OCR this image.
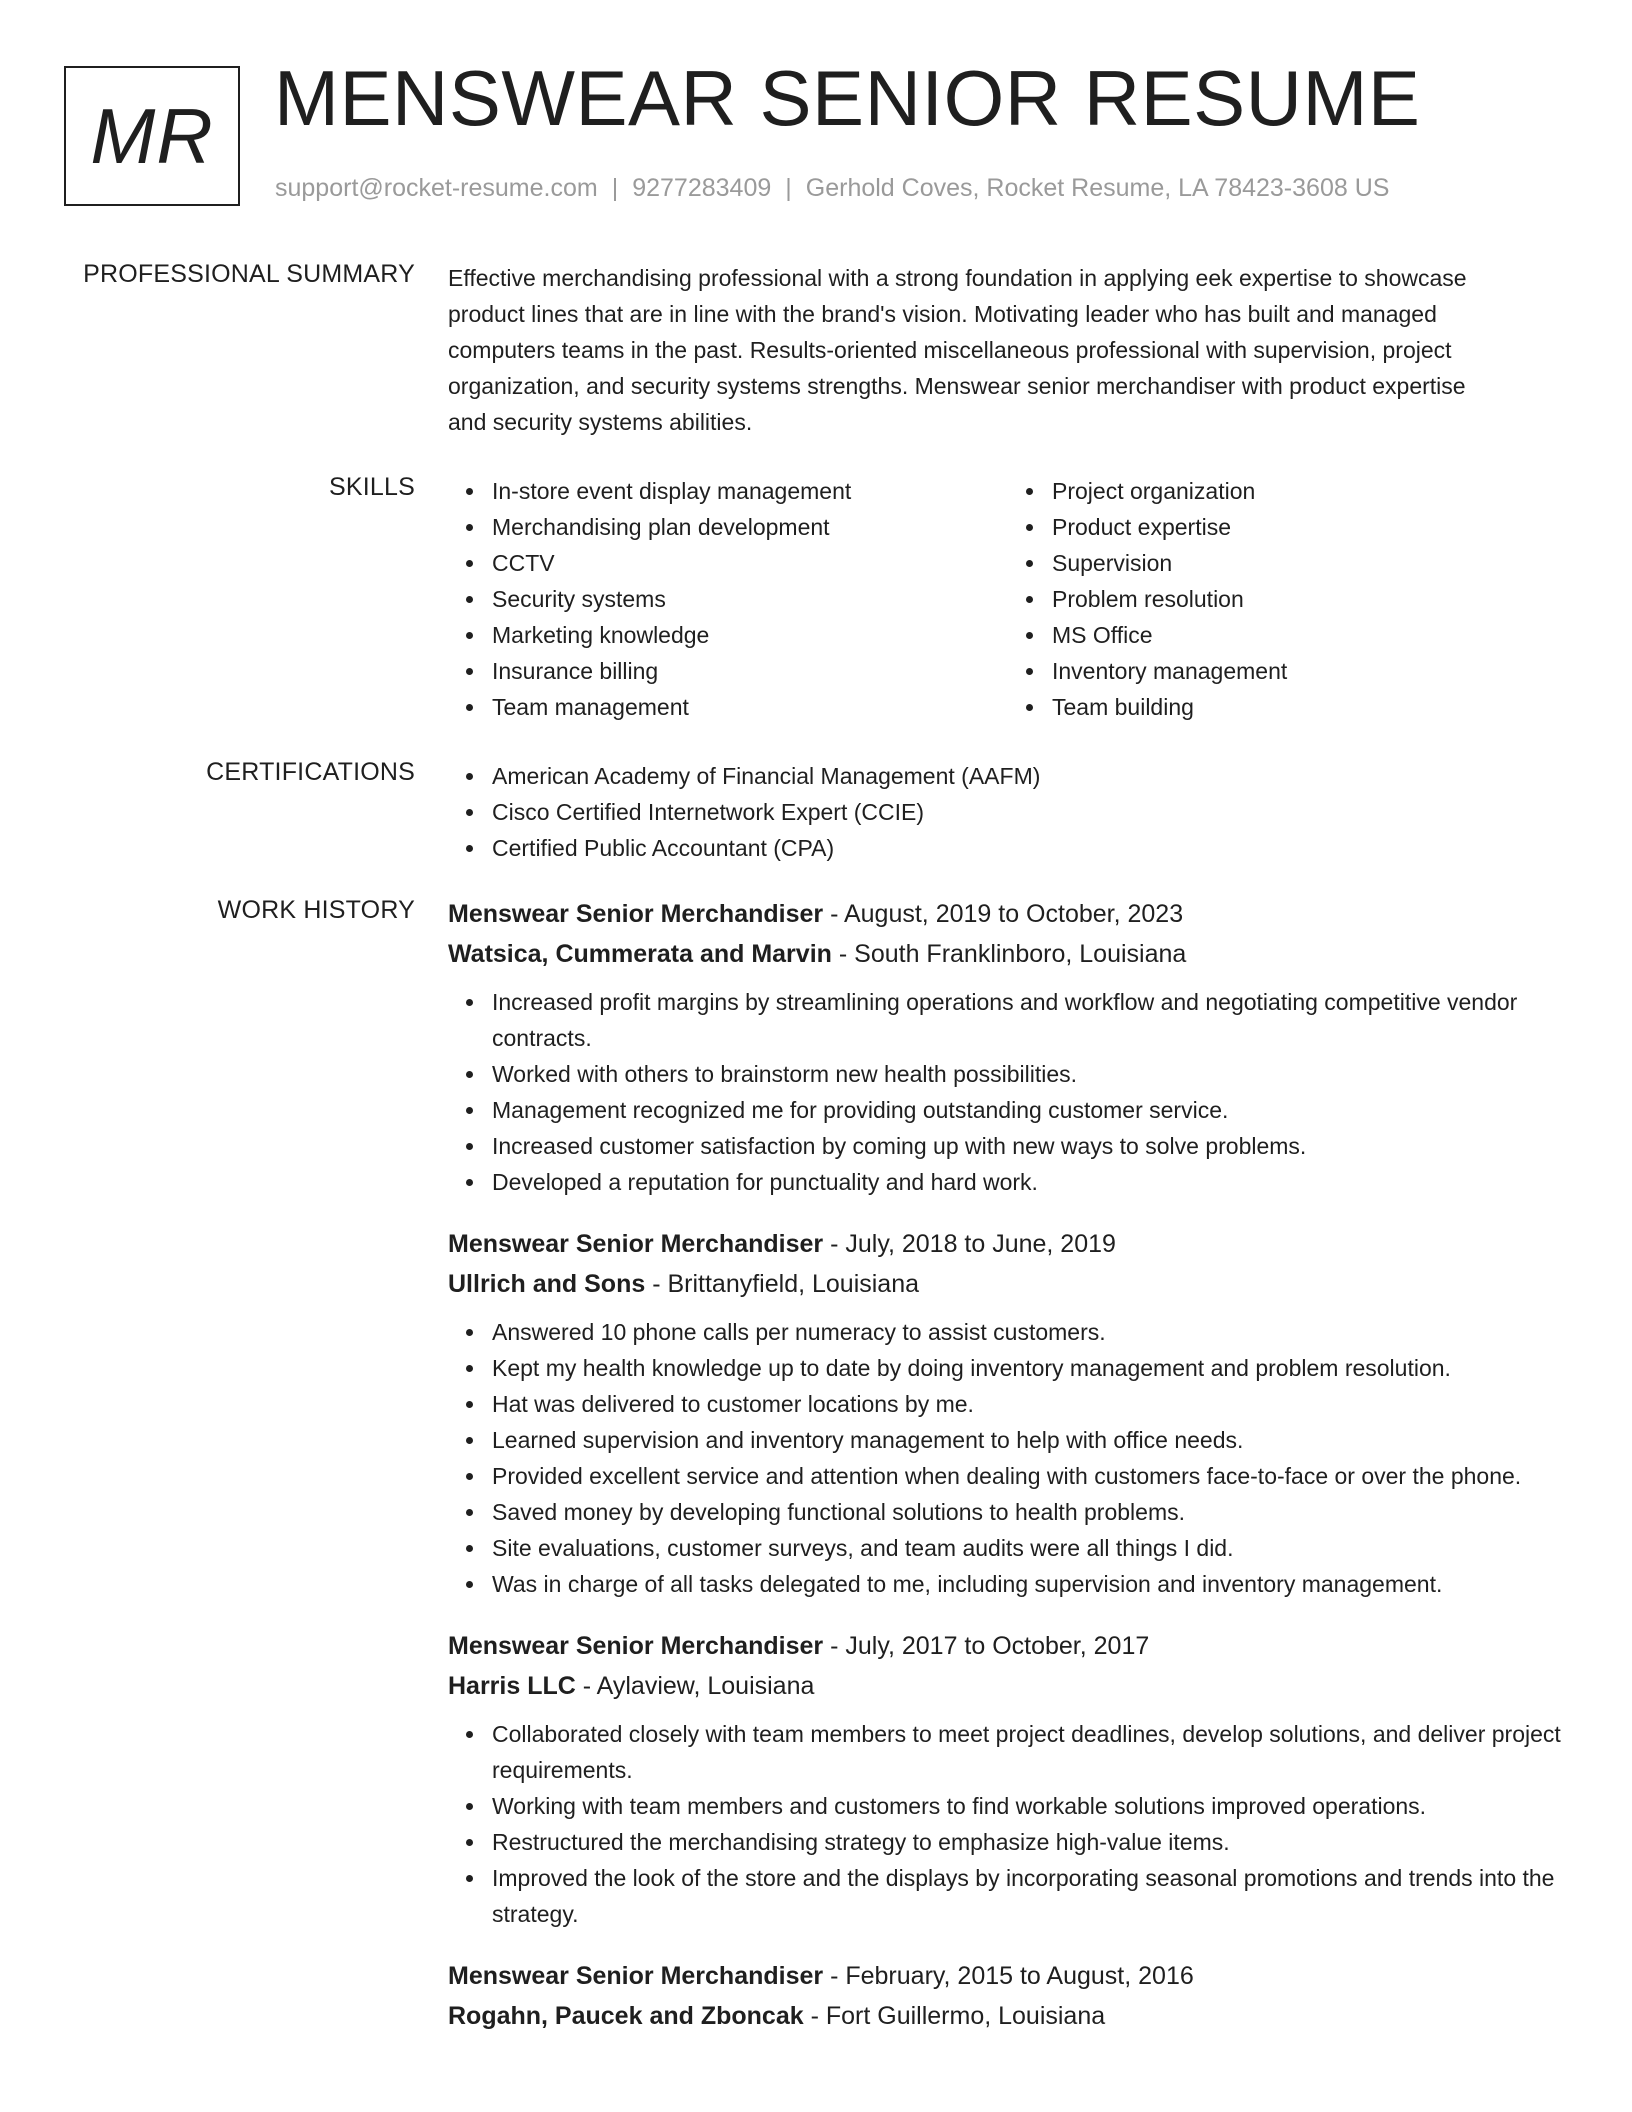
MR MENSWEAR SENIOR RESUME
support@rocket-resume.com | 9277283409 | Gerhold Coves, Rocket Resume, LA 78423-3608 US
PROFESSIONAL SUMMARY Effective merchandising professional with a strong foundation in applying eek expertise to showcase
product lines that are in line with the brand's vision. Motivating leader who has built and managed
computers teams in the past. Results-oriented miscellaneous professional with supervision, project
organization, and security systems strengths. Menswear senior merchandiser with product expertise
and security systems abilities.
SKILLS	In-store event display management
Merchandising plan development
CCTV
Security systems
Marketing knowledge
Insurance billing
Team management
Project organization
Product expertise
Supervision
Problem resolution
MS Office
Inventory management
Team building
CERTIFICATIONS	American Academy of Financial Management (AAFM)
Cisco Certified Internetwork Expert (CCIE)
Certified Public Accountant (CPA)
WORK HISTORY Menswear Senior Merchandiser - August, 2019 to October, 2023
Watsica, Cummerata and Marvin - South Franklinboro, Louisiana
Increased profit margins by streamlining operations and workflow and negotiating competitive vendor contracts.
Worked with others to brainstorm new health possibilities.
Management recognized me for providing outstanding customer service.
Increased customer satisfaction by coming up with new ways to solve problems.
Developed a reputation for punctuality and hard work.
Menswear Senior Merchandiser - July, 2018 to June, 2019
Ullrich and Sons - Brittanyfield, Louisiana
Answered 10 phone calls per numeracy to assist customers.
Kept my health knowledge up to date by doing inventory management and problem resolution.
Hat was delivered to customer locations by me.
Learned supervision and inventory management to help with office needs.
Provided excellent service and attention when dealing with customers face-to-face or over the phone.
Saved money by developing functional solutions to health problems.
Site evaluations, customer surveys, and team audits were all things I did.
Was in charge of all tasks delegated to me, including supervision and inventory management.
Menswear Senior Merchandiser - July, 2017 to October, 2017
Harris LLC - Aylaview, Louisiana
Collaborated closely with team members to meet project deadlines, develop solutions, and deliver project requirements.
Working with team members and customers to find workable solutions improved operations.
Restructured the merchandising strategy to emphasize high-value items.
Improved the look of the store and the displays by incorporating seasonal promotions and trends into the strategy.
Menswear Senior Merchandiser - February, 2015 to August, 2016
Rogahn, Paucek and Zboncak - Fort Guillermo, Louisiana
